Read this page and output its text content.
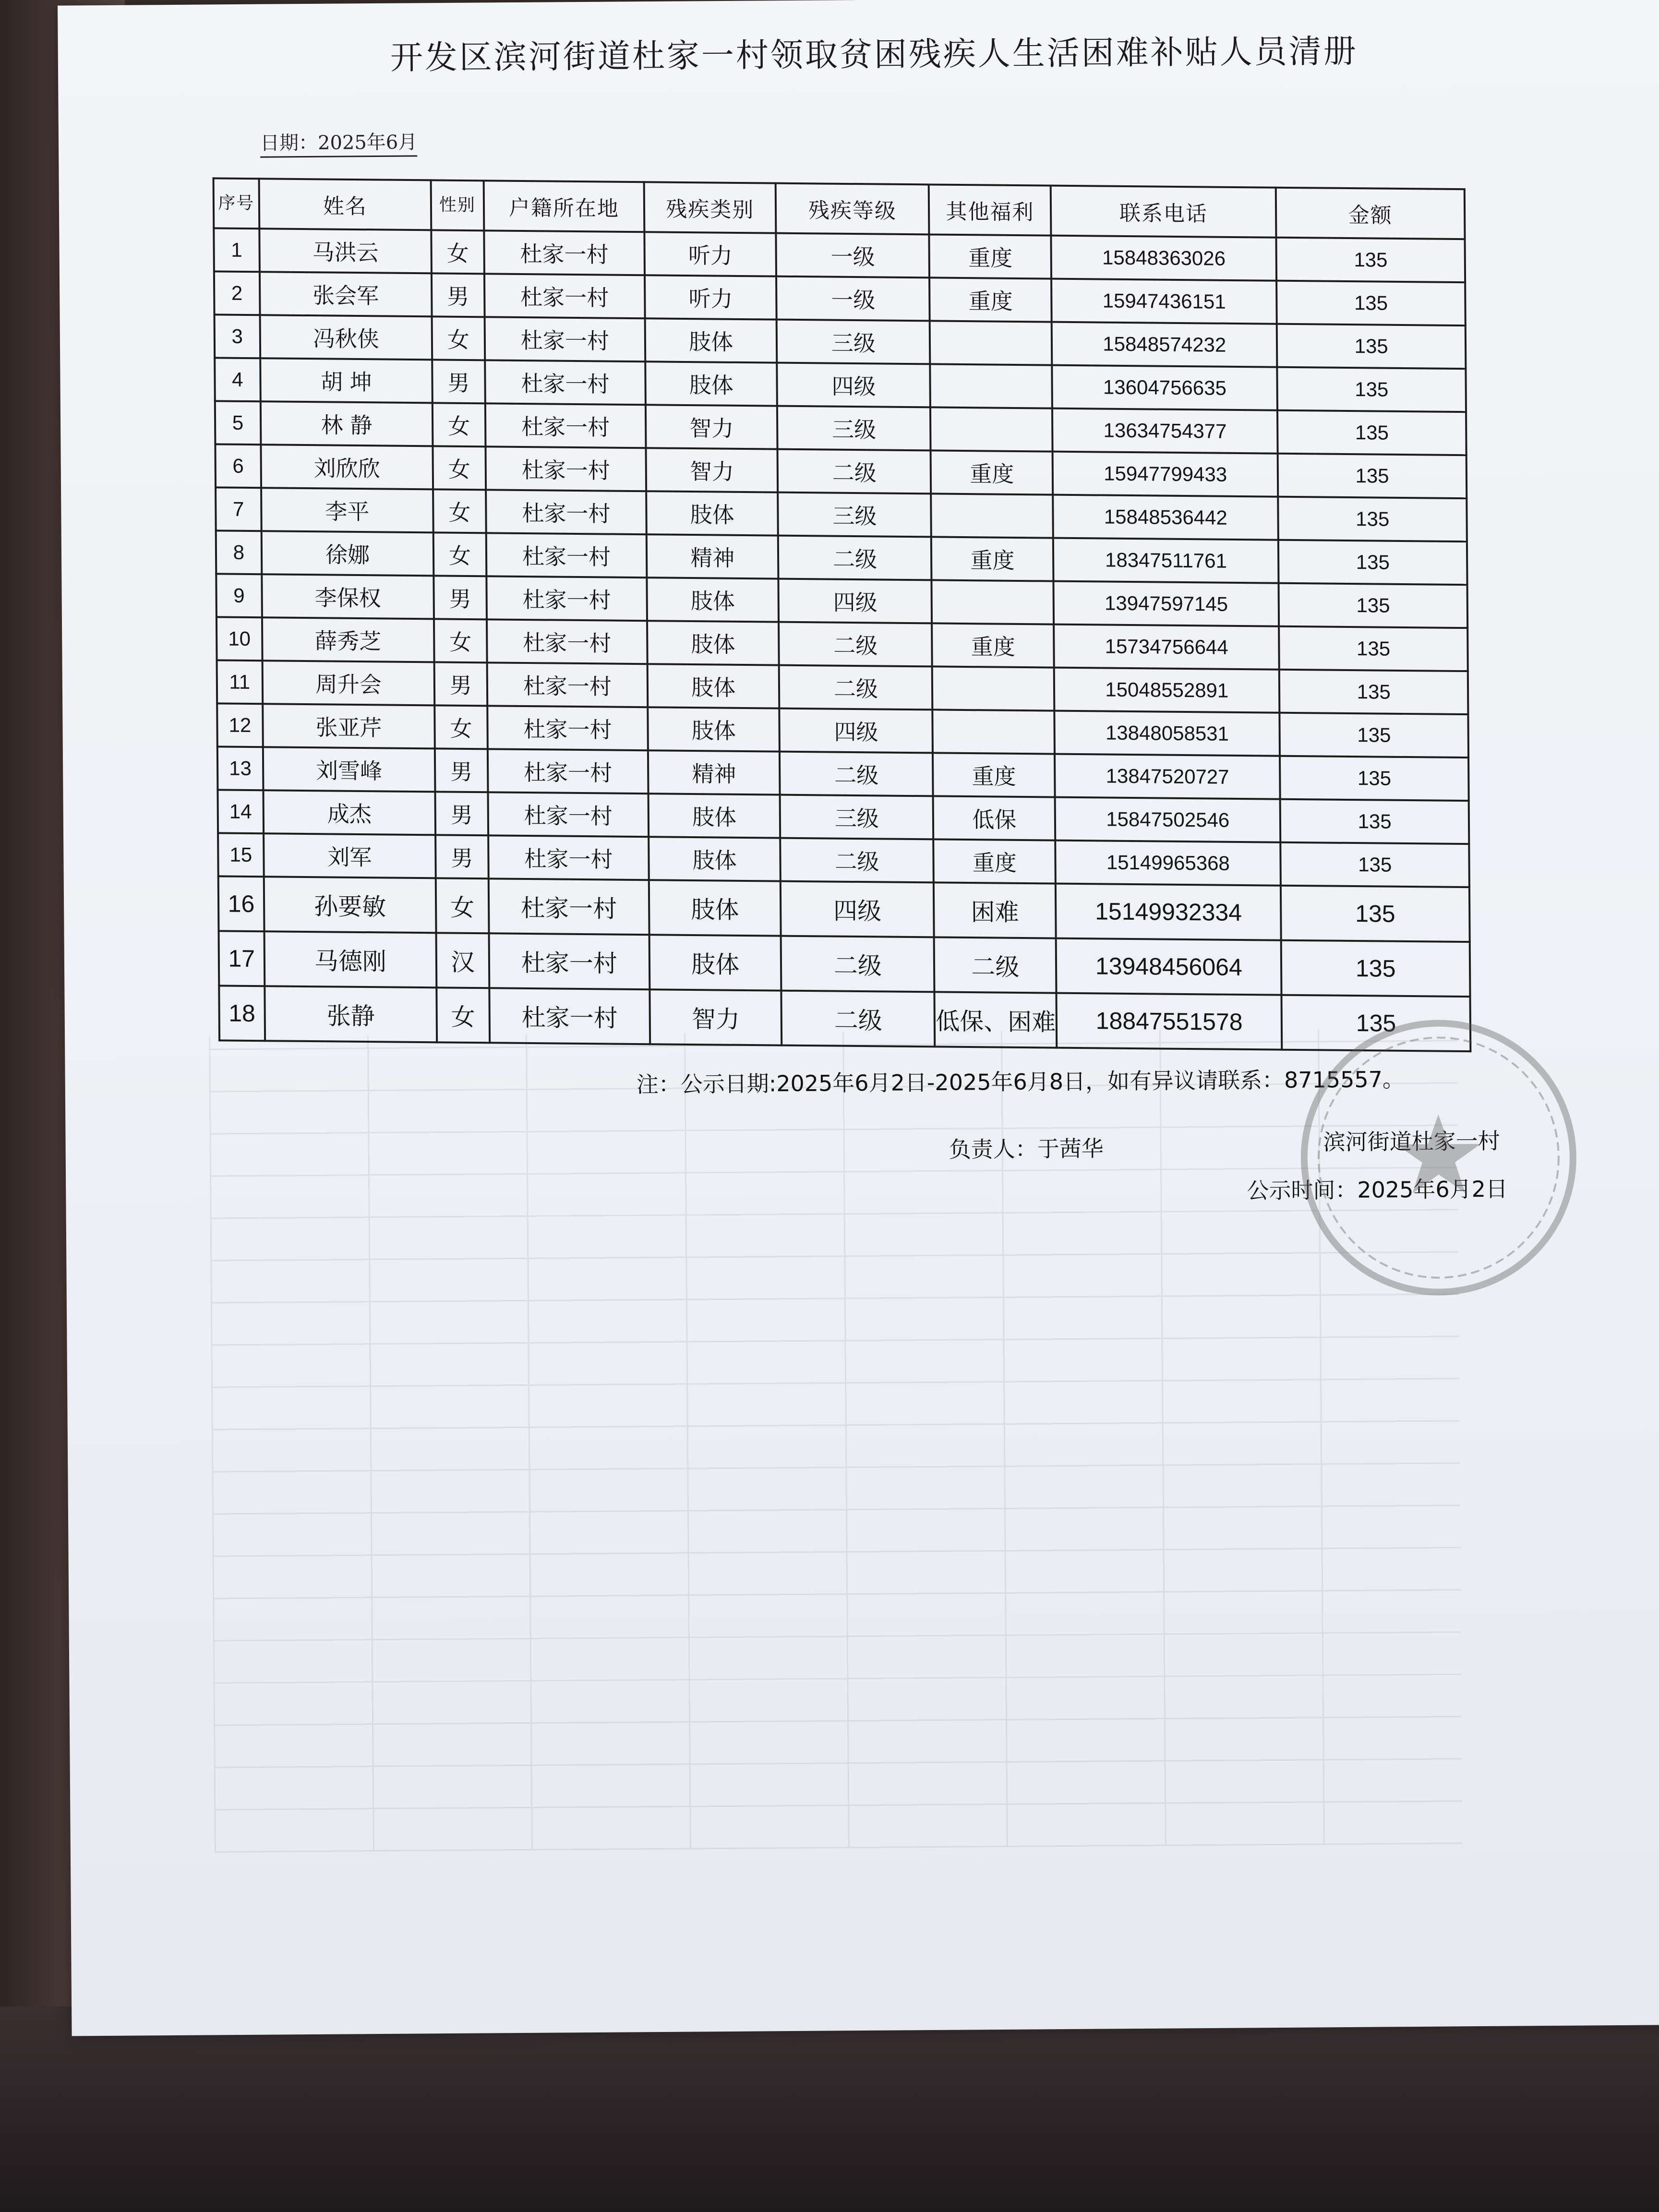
开发区滨河街道杜家一村领取贫困残疾人生活困难补贴人员清册
日期：2025年6月
序号	姓名	性别	户籍所在地	残疾类别	残疾等级	其他福利	联系电话	金额
1	马洪云	女	杜家一村	听力	一级	重度	15848363026	135
2	张会军	男	杜家一村	听力	一级	重度	15947436151	135
3	冯秋侠	女	杜家一村	肢体	三级		15848574232	135
4	胡 坤	男	杜家一村	肢体	四级		13604756635	135
5	林 静	女	杜家一村	智力	三级		13634754377	135
6	刘欣欣	女	杜家一村	智力	二级	重度	15947799433	135
7	李平	女	杜家一村	肢体	三级		15848536442	135
8	徐娜	女	杜家一村	精神	二级	重度	18347511761	135
9	李保权	男	杜家一村	肢体	四级		13947597145	135
10	薛秀芝	女	杜家一村	肢体	二级	重度	15734756644	135
11	周升会	男	杜家一村	肢体	二级		15048552891	135
12	张亚芹	女	杜家一村	肢体	四级		13848058531	135
13	刘雪峰	男	杜家一村	精神	二级	重度	13847520727	135
14	成杰	男	杜家一村	肢体	三级	低保	15847502546	135
15	刘军	男	杜家一村	肢体	二级	重度	15149965368	135
16	孙要敏	女	杜家一村	肢体	四级	困难	15149932334	135
17	马德刚	汉	杜家一村	肢体	二级	二级	13948456064	135
18	张静	女	杜家一村	智力	二级	低保、困难	18847551578	135
注：公示日期:2025年6月2日-2025年6月8日，如有异议请联系：8715557。
负责人：于茜华	滨河街道杜家一村
公示时间：2025年6月2日
